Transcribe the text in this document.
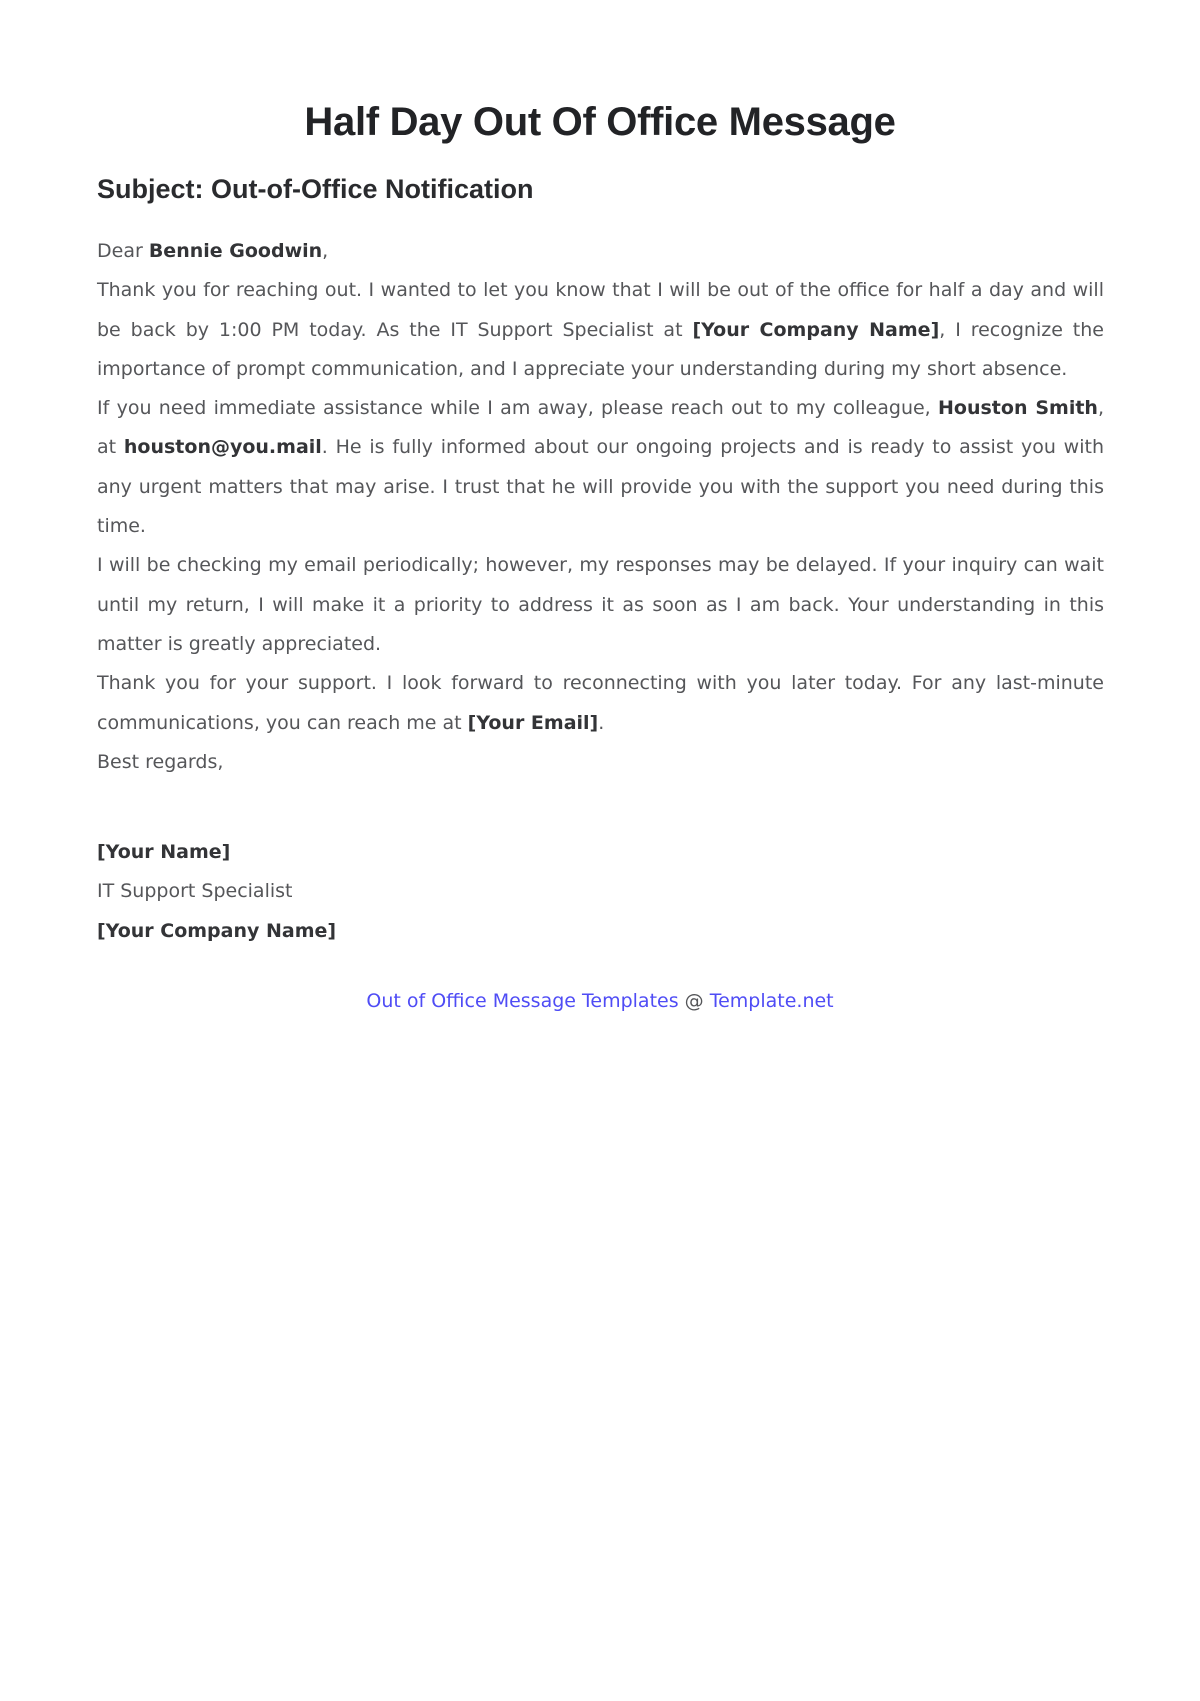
Half Day Out Of Office Message
Subject: Out-of-Office Notification

Dear Bennie Goodwin,

Thank you for reaching out. I wanted to let you know that I will be out of the office for half a day and will be back by 1:00 PM today. As the IT Support Specialist at [Your Company Name], I recognize the importance of prompt communication, and I appreciate your understanding during my short absence.

If you need immediate assistance while I am away, please reach out to my colleague, Houston Smith, at houston@you.mail. He is fully informed about our ongoing projects and is ready to assist you with any urgent matters that may arise. I trust that he will provide you with the support you need during this time.

I will be checking my email periodically; however, my responses may be delayed. If your inquiry can wait until my return, I will make it a priority to address it as soon as I am back. Your understanding in this matter is greatly appreciated.

Thank you for your support. I look forward to reconnecting with you later today. For any last-minute communications, you can reach me at [Your Email].

Best regards,

[Your Name]

IT Support Specialist

[Your Company Name]

Out of Office Message Templates @ Template.net
